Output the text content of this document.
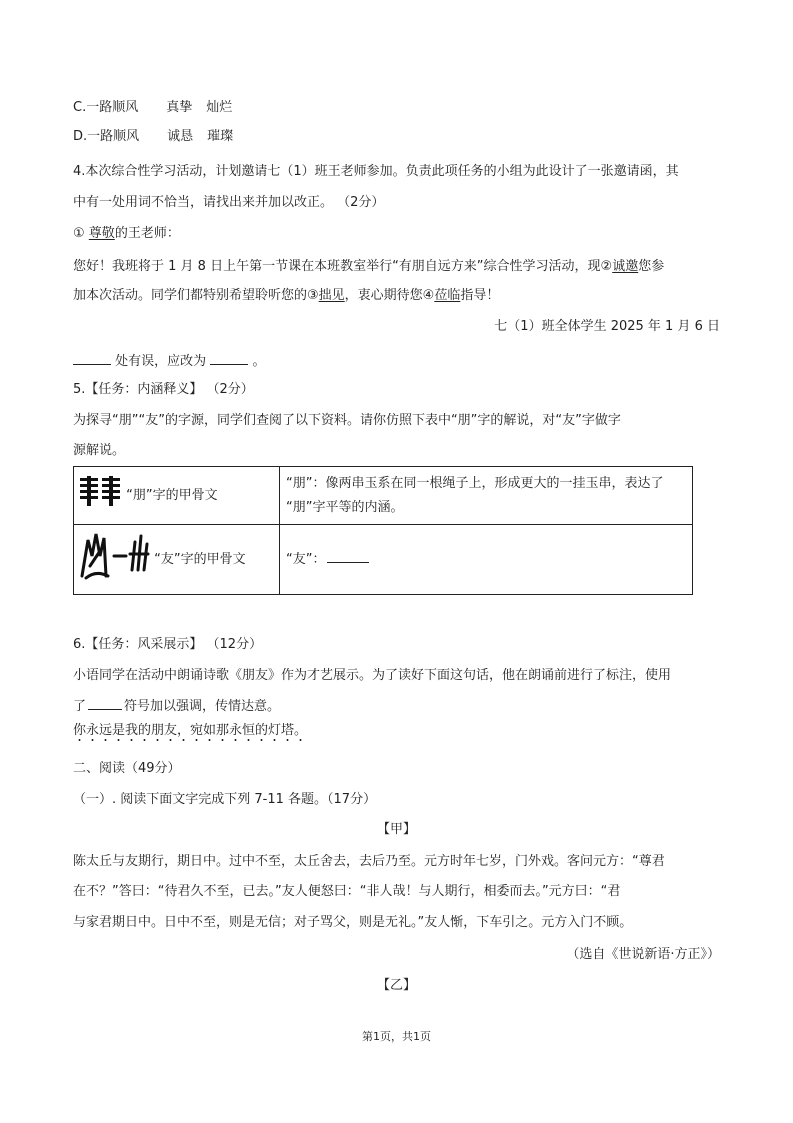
C.一路顺风 真挚 灿烂
D.一路顺风 诚恳 璀璨
4.本次综合性学习活动，计划邀请七（1）班王老师参加。负责此项任务的小组为此设计了一张邀请函，其
中有一处用词不恰当，请找出来并加以改正。 （2分）
① 尊敬的王老师：
您好！我班将于 1 月 8 日上午第一节课在本班教室举行“有朋自远方来”综合性学习活动，现②诚邀您参
加本次活动。同学们都特别希望聆听您的③拙见，衷心期待您④莅临指导！
七（1）班全体学生 2025 年 1 月 6 日
处有误，应改为	。
5.【任务：内涵释义】 （2分）
为探寻“朋”“友”的字源，同学们查阅了以下资料。请你仿照下表中“朋”字的解说，对“友”字做字
源解说。
“朋”字的甲骨文	“朋”：像两串玉系在同一根绳子上，形成更大的一挂玉串，表达了
“朋”字平等的内涵。

“友”字的甲骨文	“友”：
6.【任务：风采展示】 （12分）
小语同学在活动中朗诵诗歌《朋友》作为才艺展示。为了读好下面这句话，他在朗诵前进行了标注，使用
了	符号加以强调，传情达意。
你永远是我的朋友，宛如那永恒的灯塔。
二、阅读（49分）
（一）. 阅读下面文字完成下列 7-11 各题。（17分）
【甲】
陈太丘与友期行，期日中。过中不至，太丘舍去，去后乃至。元方时年七岁，门外戏。客问元方：“尊君
在不？”答曰：“待君久不至，已去。”友人便怒曰：“非人哉！与人期行，相委而去。”元方曰：“君
与家君期日中。日中不至，则是无信；对子骂父，则是无礼。”友人惭，下车引之。元方入门不顾。
（选自《世说新语·方正》）
【乙】
第1页，共1页
